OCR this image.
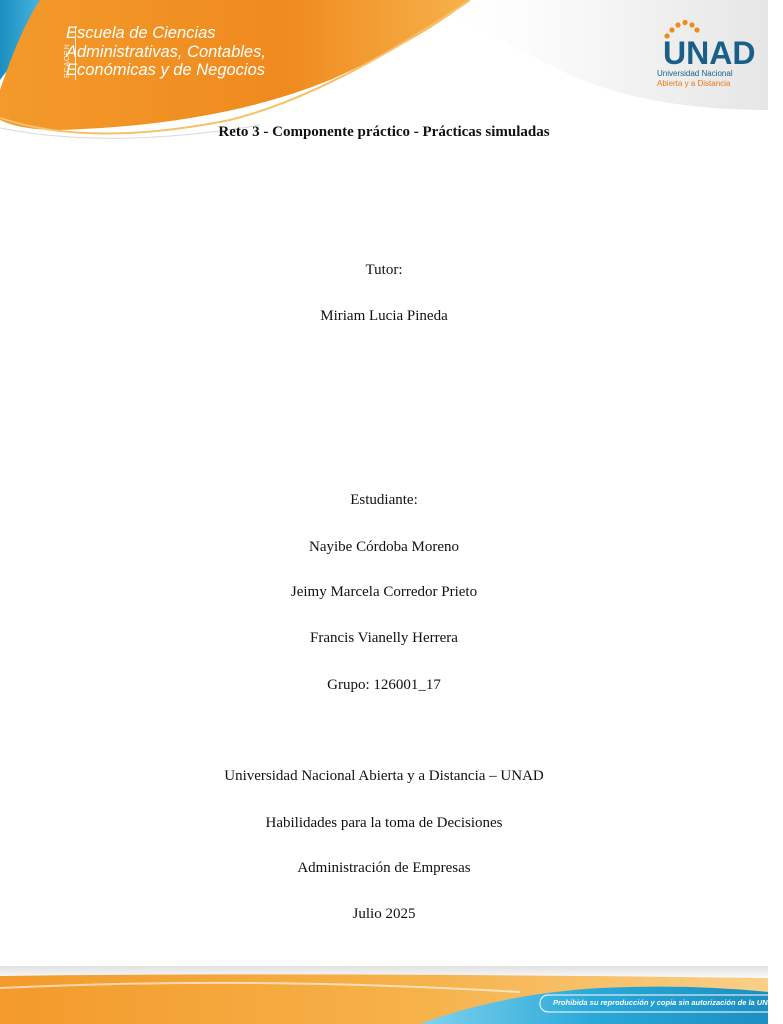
ECACEN
Escuela de Ciencias
Administrativas, Contables,
Económicas y de Negocios	UNAD
Universidad Nacional
Abierta y a Distancia
Reto 3 - Componente práctico - Prácticas simuladas
Tutor:
Miriam Lucia Pineda
Estudiante:
Nayibe Córdoba Moreno
Jeimy Marcela Corredor Prieto
Francis Vianelly Herrera
Grupo: 126001_17
Universidad Nacional Abierta y a Distancia – UNAD
Habilidades para la toma de Decisiones
Administración de Empresas
Julio 2025
Prohibida su reproducción y copia sin autorización de la UNAD
